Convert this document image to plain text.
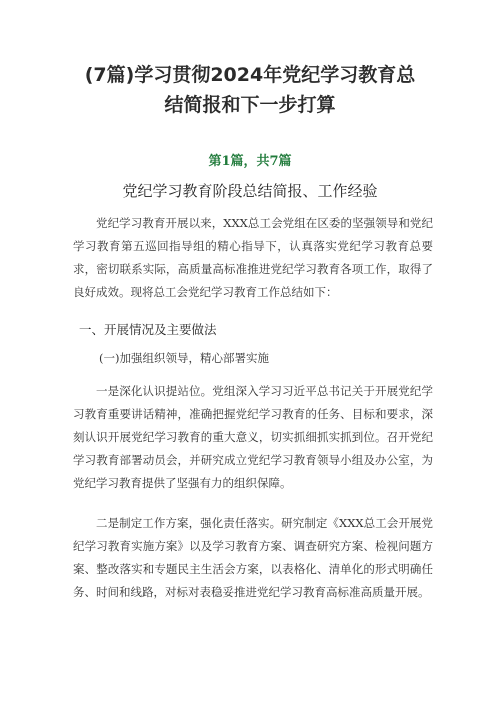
(7篇)学习贯彻2024年党纪学习教育总
结简报和下一步打算
第1篇，共7篇
党纪学习教育阶段总结简报、工作经验

党纪学习教育开展以来，XXX总工会党组在区委的坚强领导和党纪学习教育第五巡回指导组的精心指导下，认真落实党纪学习教育总要求，密切联系实际，高质量高标准推进党纪学习教育各项工作，取得了良好成效。现将总工会党纪学习教育工作总结如下：

一、开展情况及主要做法
(一)加强组织领导，精心部署实施

一是深化认识提站位。党组深入学习习近平总书记关于开展党纪学习教育重要讲话精神，准确把握党纪学习教育的任务、目标和要求，深刻认识开展党纪学习教育的重大意义，切实抓细抓实抓到位。召开党纪学习教育部署动员会，并研究成立党纪学习教育领导小组及办公室，为党纪学习教育提供了坚强有力的组织保障。

二是制定工作方案，强化责任落实。研究制定《XXX总工会开展党纪学习教育实施方案》以及学习教育方案、调查研究方案、检视问题方案、整改落实和专题民主生活会方案，以表格化、清单化的形式明确任务、时间和线路，对标对表稳妥推进党纪学习教育高标准高质量开展。
